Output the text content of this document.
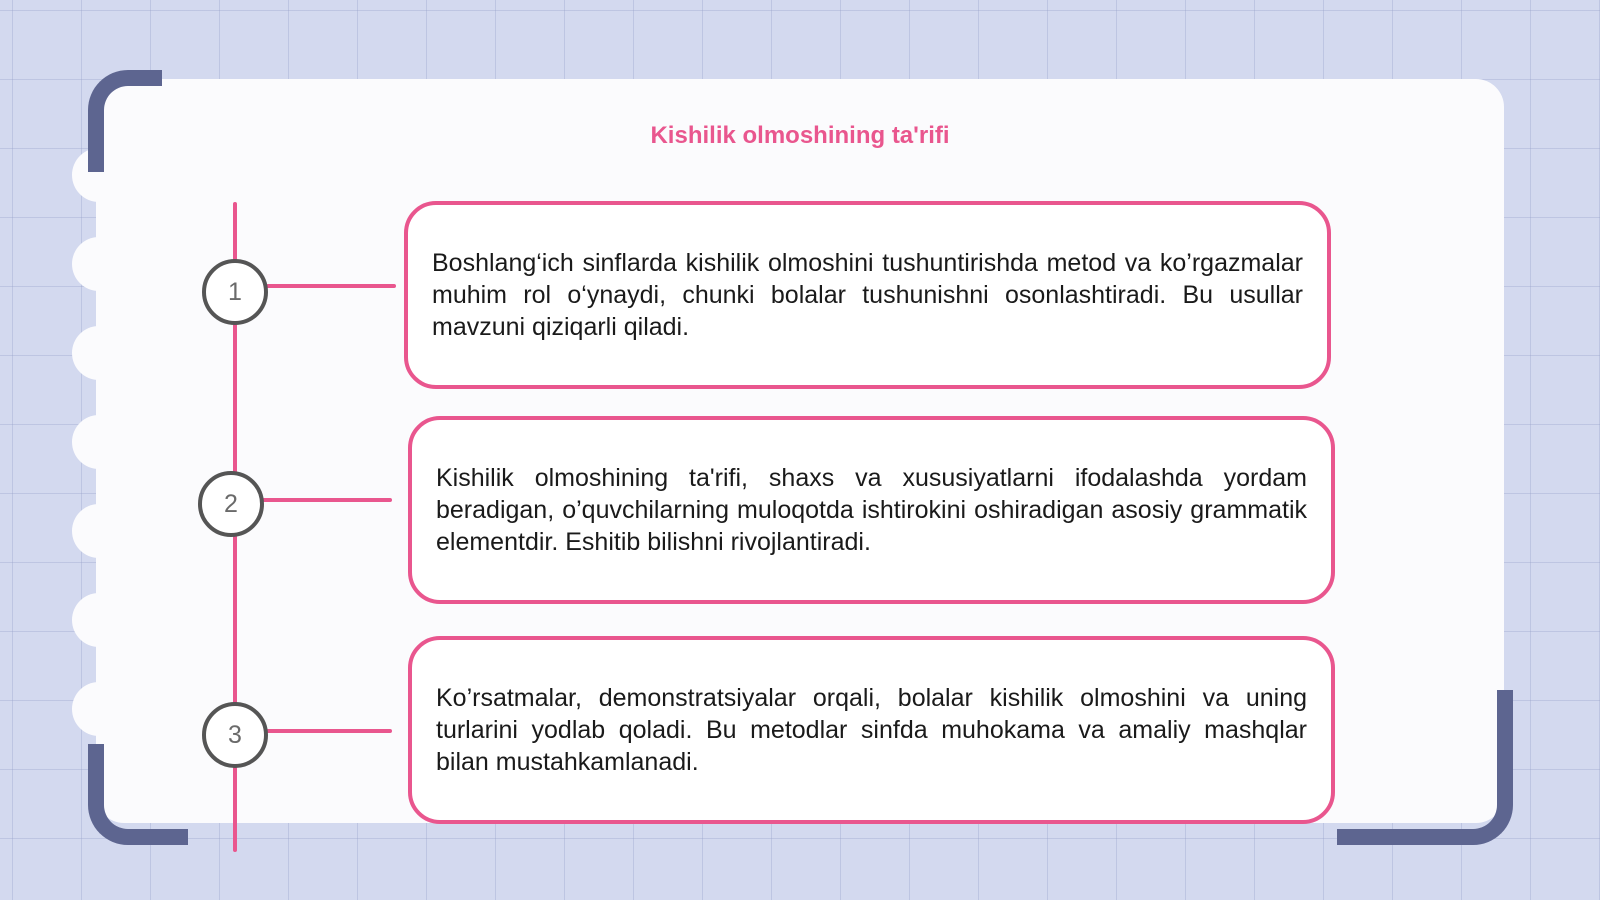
Kishilik olmoshining ta'rifi
1
2
3

Boshlang‘ich sinflarda kishilik olmoshini tushuntirishda metod va ko’rgazmalar muhim rol o‘ynaydi, chunki bolalar tushunishni osonlashtiradi. Bu usullar mavzuni qiziqarli qiladi.

Kishilik olmoshining ta'rifi, shaxs va xususiyatlarni ifodalashda yordam beradigan, o’quvchilarning muloqotda ishtirokini oshiradigan asosiy grammatik elementdir. Eshitib bilishni rivojlantiradi.

Ko’rsatmalar, demonstratsiyalar orqali, bolalar kishilik olmoshini va uning turlarini yodlab qoladi. Bu metodlar sinfda muhokama va amaliy mashqlar bilan mustahkamlanadi.
